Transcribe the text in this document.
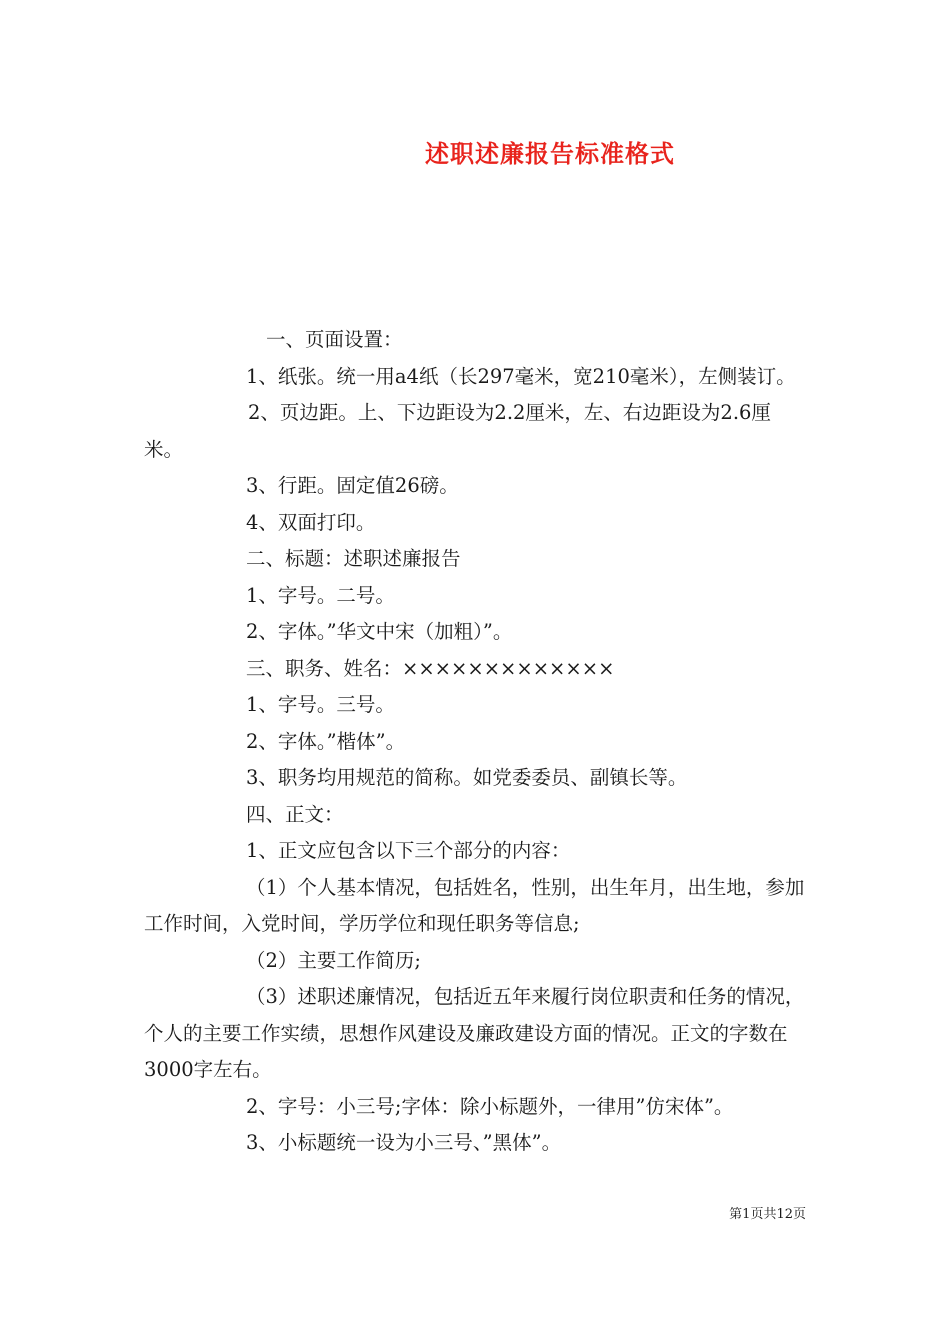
述职述廉报告标准格式

一、页面设置：

1、纸张。统一用a4纸（长297毫米，宽210毫米），左侧装订。

2、页边距。上、下边距设为2.2厘米，左、右边距设为2.6厘米。

3、行距。固定值26磅。

4、双面打印。

二、标题：述职述廉报告

1、字号。二号。

2、字体。”华文中宋（加粗）”。

三、职务、姓名：×××××××××××××

1、字号。三号。

2、字体。”楷体”。

3、职务均用规范的简称。如党委委员、副镇长等。

四、正文：

1、正文应包含以下三个部分的内容：

（1）个人基本情况，包括姓名，性别，出生年月，出生地，参加工作时间，入党时间，学历学位和现任职务等信息;

（2）主要工作简历;

（3）述职述廉情况，包括近五年来履行岗位职责和任务的情况，个人的主要工作实绩，思想作风建设及廉政建设方面的情况。正文的字数在3000字左右。

2、字号：小三号;字体：除小标题外，一律用”仿宋体”。

3、小标题统一设为小三号、”黑体”。

第1页共12页
